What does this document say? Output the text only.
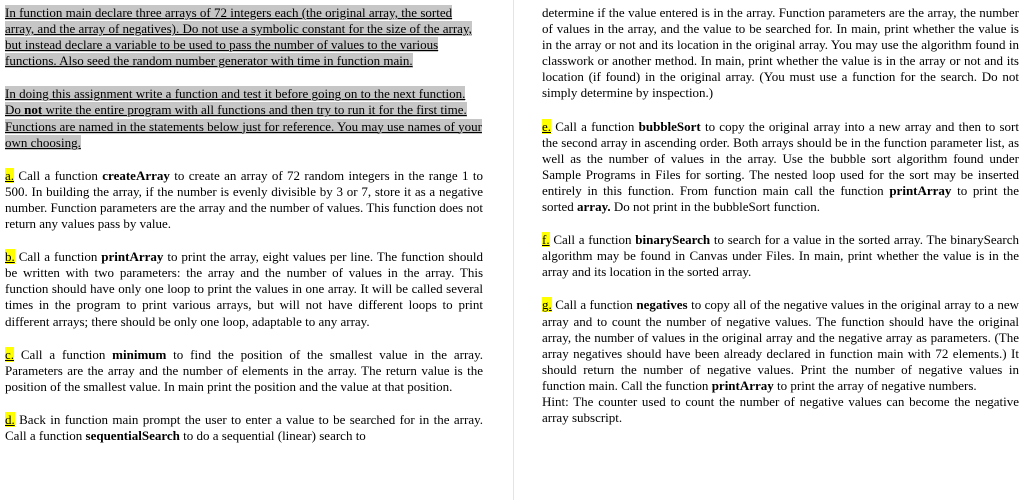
In function main declare three arrays of 72 integers each (the original array, the sorted array, and the array of negatives). Do not use a symbolic constant for the size of the array, but instead declare a variable to be used to pass the number of values to the various functions. Also seed the random number generator with time in function main.

In doing this assignment write a function and test it before going on to the next function. Do not write the entire program with all functions and then try to run it for the first time. Functions are named in the statements below just for reference. You may use names of your own choosing.

a. Call a function createArray to create an array of 72 random integers in the range 1 to 500. In building the array, if the number is evenly divisible by 3 or 7, store it as a negative number. Function parameters are the array and the number of values. This function does not return any values pass by value.

b. Call a function printArray to print the array, eight values per line. The function should be written with two parameters: the array and the number of values in the array. This function should have only one loop to print the values in one array. It will be called several times in the program to print various arrays, but will not have different loops to print different arrays; there should be only one loop, adaptable to any array.

c. Call a function minimum to find the position of the smallest value in the array. Parameters are the array and the number of elements in the array. The return value is the position of the smallest value. In main print the position and the value at that position.

d. Back in function main prompt the user to enter a value to be searched for in the array. Call a function sequentialSearch to do a sequential (linear) search to

determine if the value entered is in the array. Function parameters are the array, the number of values in the array, and the value to be searched for. In main, print whether the value is in the array or not and its location in the original array. You may use the algorithm found in classwork or another method. In main, print whether the value is in the array or not and its location (if found) in the original array. (You must use a function for the search. Do not simply determine by inspection.)

e. Call a function bubbleSort to copy the original array into a new array and then to sort the second array in ascending order. Both arrays should be in the function parameter list, as well as the number of values in the array. Use the bubble sort algorithm found under Sample Programs in Files for sorting. The nested loop used for the sort may be inserted entirely in this function. From function main call the function printArray to print the sorted array. Do not print in the bubbleSort function.

f. Call a function binarySearch to search for a value in the sorted array. The binarySearch algorithm may be found in Canvas under Files. In main, print whether the value is in the array and its location in the sorted array.

g. Call a function negatives to copy all of the negative values in the original array to a new array and to count the number of negative values. The function should have the original array, the number of values in the original array and the negative array as parameters. (The array negatives should have been already declared in function main with 72 elements.) It should return the number of negative values. Print the number of negative values in function main. Call the function printArray to print the array of negative numbers.

Hint: The counter used to count the number of negative values can become the negative array subscript.
